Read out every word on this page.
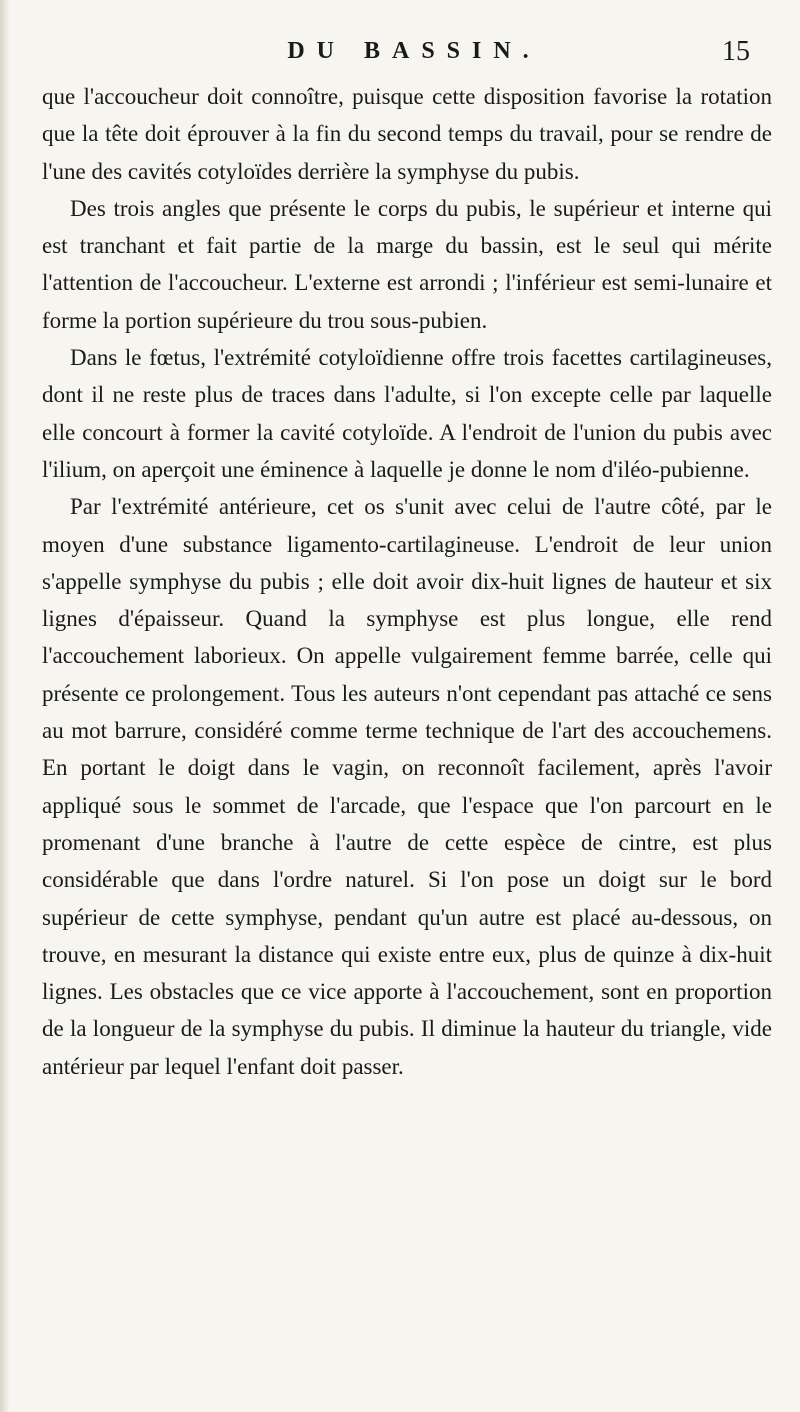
DU BASSIN.	15

que l'accoucheur doit connoître, puisque cette disposition favorise la rotation que la tête doit éprouver à la fin du second temps du travail, pour se rendre de l'une des cavités cotyloïdes derrière la symphyse du pubis.

Des trois angles que présente le corps du pubis, le supérieur et interne qui est tranchant et fait partie de la marge du bassin, est le seul qui mérite l'attention de l'accoucheur. L'externe est arrondi ; l'inférieur est semi-lunaire et forme la portion supérieure du trou sous-pubien.

Dans le fœtus, l'extrémité cotyloïdienne offre trois facettes cartilagineuses, dont il ne reste plus de traces dans l'adulte, si l'on excepte celle par laquelle elle concourt à former la cavité cotyloïde. A l'endroit de l'union du pubis avec l'ilium, on aperçoit une éminence à laquelle je donne le nom d'iléo-pubienne.

Par l'extrémité antérieure, cet os s'unit avec celui de l'autre côté, par le moyen d'une substance ligamento-cartilagineuse. L'endroit de leur union s'appelle symphyse du pubis ; elle doit avoir dix-huit lignes de hauteur et six lignes d'épaisseur. Quand la symphyse est plus longue, elle rend l'accouchement laborieux. On appelle vulgairement femme barrée, celle qui présente ce prolongement. Tous les auteurs n'ont cependant pas attaché ce sens au mot barrure, considéré comme terme technique de l'art des accouchemens. En portant le doigt dans le vagin, on reconnoît facilement, après l'avoir appliqué sous le sommet de l'arcade, que l'espace que l'on parcourt en le promenant d'une branche à l'autre de cette espèce de cintre, est plus considérable que dans l'ordre naturel. Si l'on pose un doigt sur le bord supérieur de cette symphyse, pendant qu'un autre est placé au-dessous, on trouve, en mesurant la distance qui existe entre eux, plus de quinze à dix-huit lignes. Les obstacles que ce vice apporte à l'accouchement, sont en proportion de la longueur de la symphyse du pubis. Il diminue la hauteur du triangle, vide antérieur par lequel l'enfant doit passer.
